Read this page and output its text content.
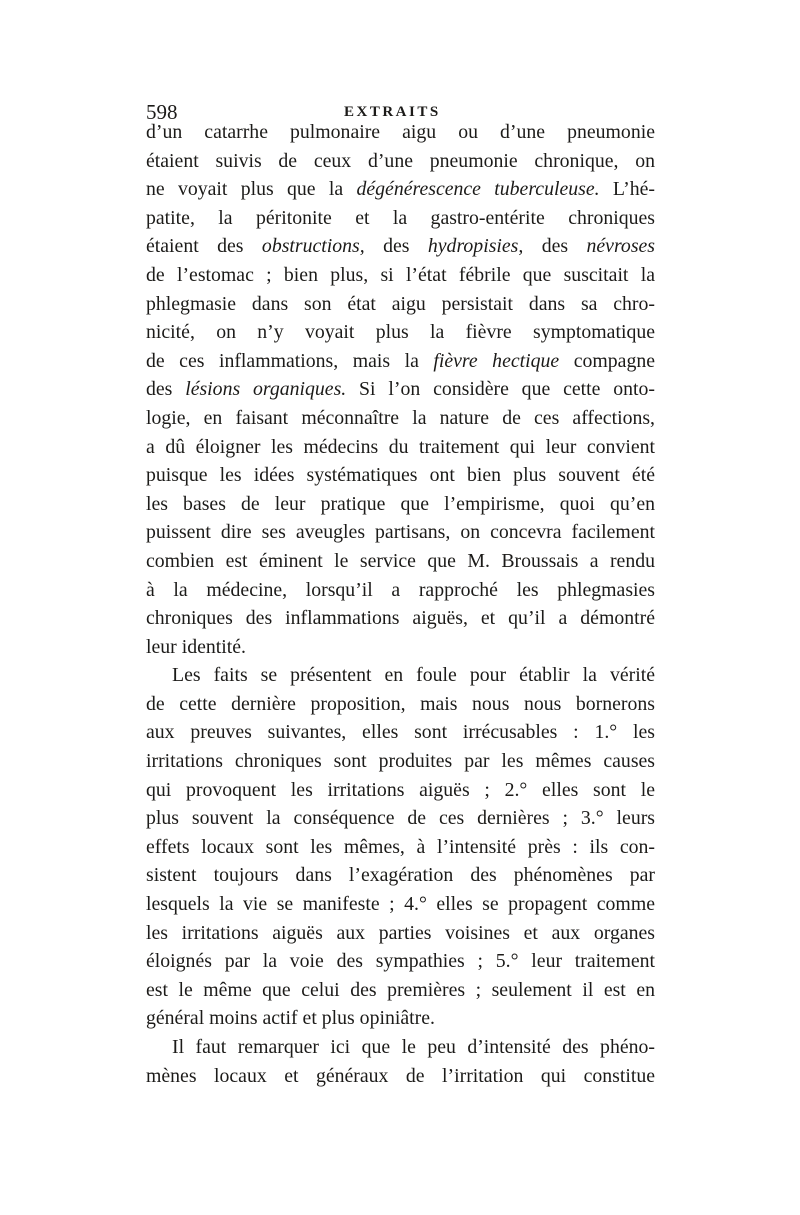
598	EXTRAITS
d’un catarrhe pulmonaire aigu ou d’une pneumonie
étaient suivis de ceux d’une pneumonie chronique, on
ne voyait plus que la dégénérescence tuberculeuse. L’hé-
patite, la péritonite et la gastro-entérite chroniques
étaient des obstructions, des hydropisies, des névroses
de l’estomac ; bien plus, si l’état fébrile que suscitait la
phlegmasie dans son état aigu persistait dans sa chro-
nicité, on n’y voyait plus la fièvre symptomatique
de ces inflammations, mais la fièvre hectique compagne
des lésions organiques. Si l’on considère que cette onto-
logie, en faisant méconnaître la nature de ces affections,
a dû éloigner les médecins du traitement qui leur convient
puisque les idées systématiques ont bien plus souvent été
les bases de leur pratique que l’empirisme, quoi qu’en
puissent dire ses aveugles partisans, on concevra facilement
combien est éminent le service que M. Broussais a rendu
à la médecine, lorsqu’il a rapproché les phlegmasies
chroniques des inflammations aiguës, et qu’il a démontré
leur identité.
Les faits se présentent en foule pour établir la vérité
de cette dernière proposition, mais nous nous bornerons
aux preuves suivantes, elles sont irrécusables : 1.° les
irritations chroniques sont produites par les mêmes causes
qui provoquent les irritations aiguës ; 2.° elles sont le
plus souvent la conséquence de ces dernières ; 3.° leurs
effets locaux sont les mêmes, à l’intensité près : ils con-
sistent toujours dans l’exagération des phénomènes par
lesquels la vie se manifeste ; 4.° elles se propagent comme
les irritations aiguës aux parties voisines et aux organes
éloignés par la voie des sympathies ; 5.° leur traitement
est le même que celui des premières ; seulement il est en
général moins actif et plus opiniâtre.
Il faut remarquer ici que le peu d’intensité des phéno-
mènes locaux et généraux de l’irritation qui constitue
